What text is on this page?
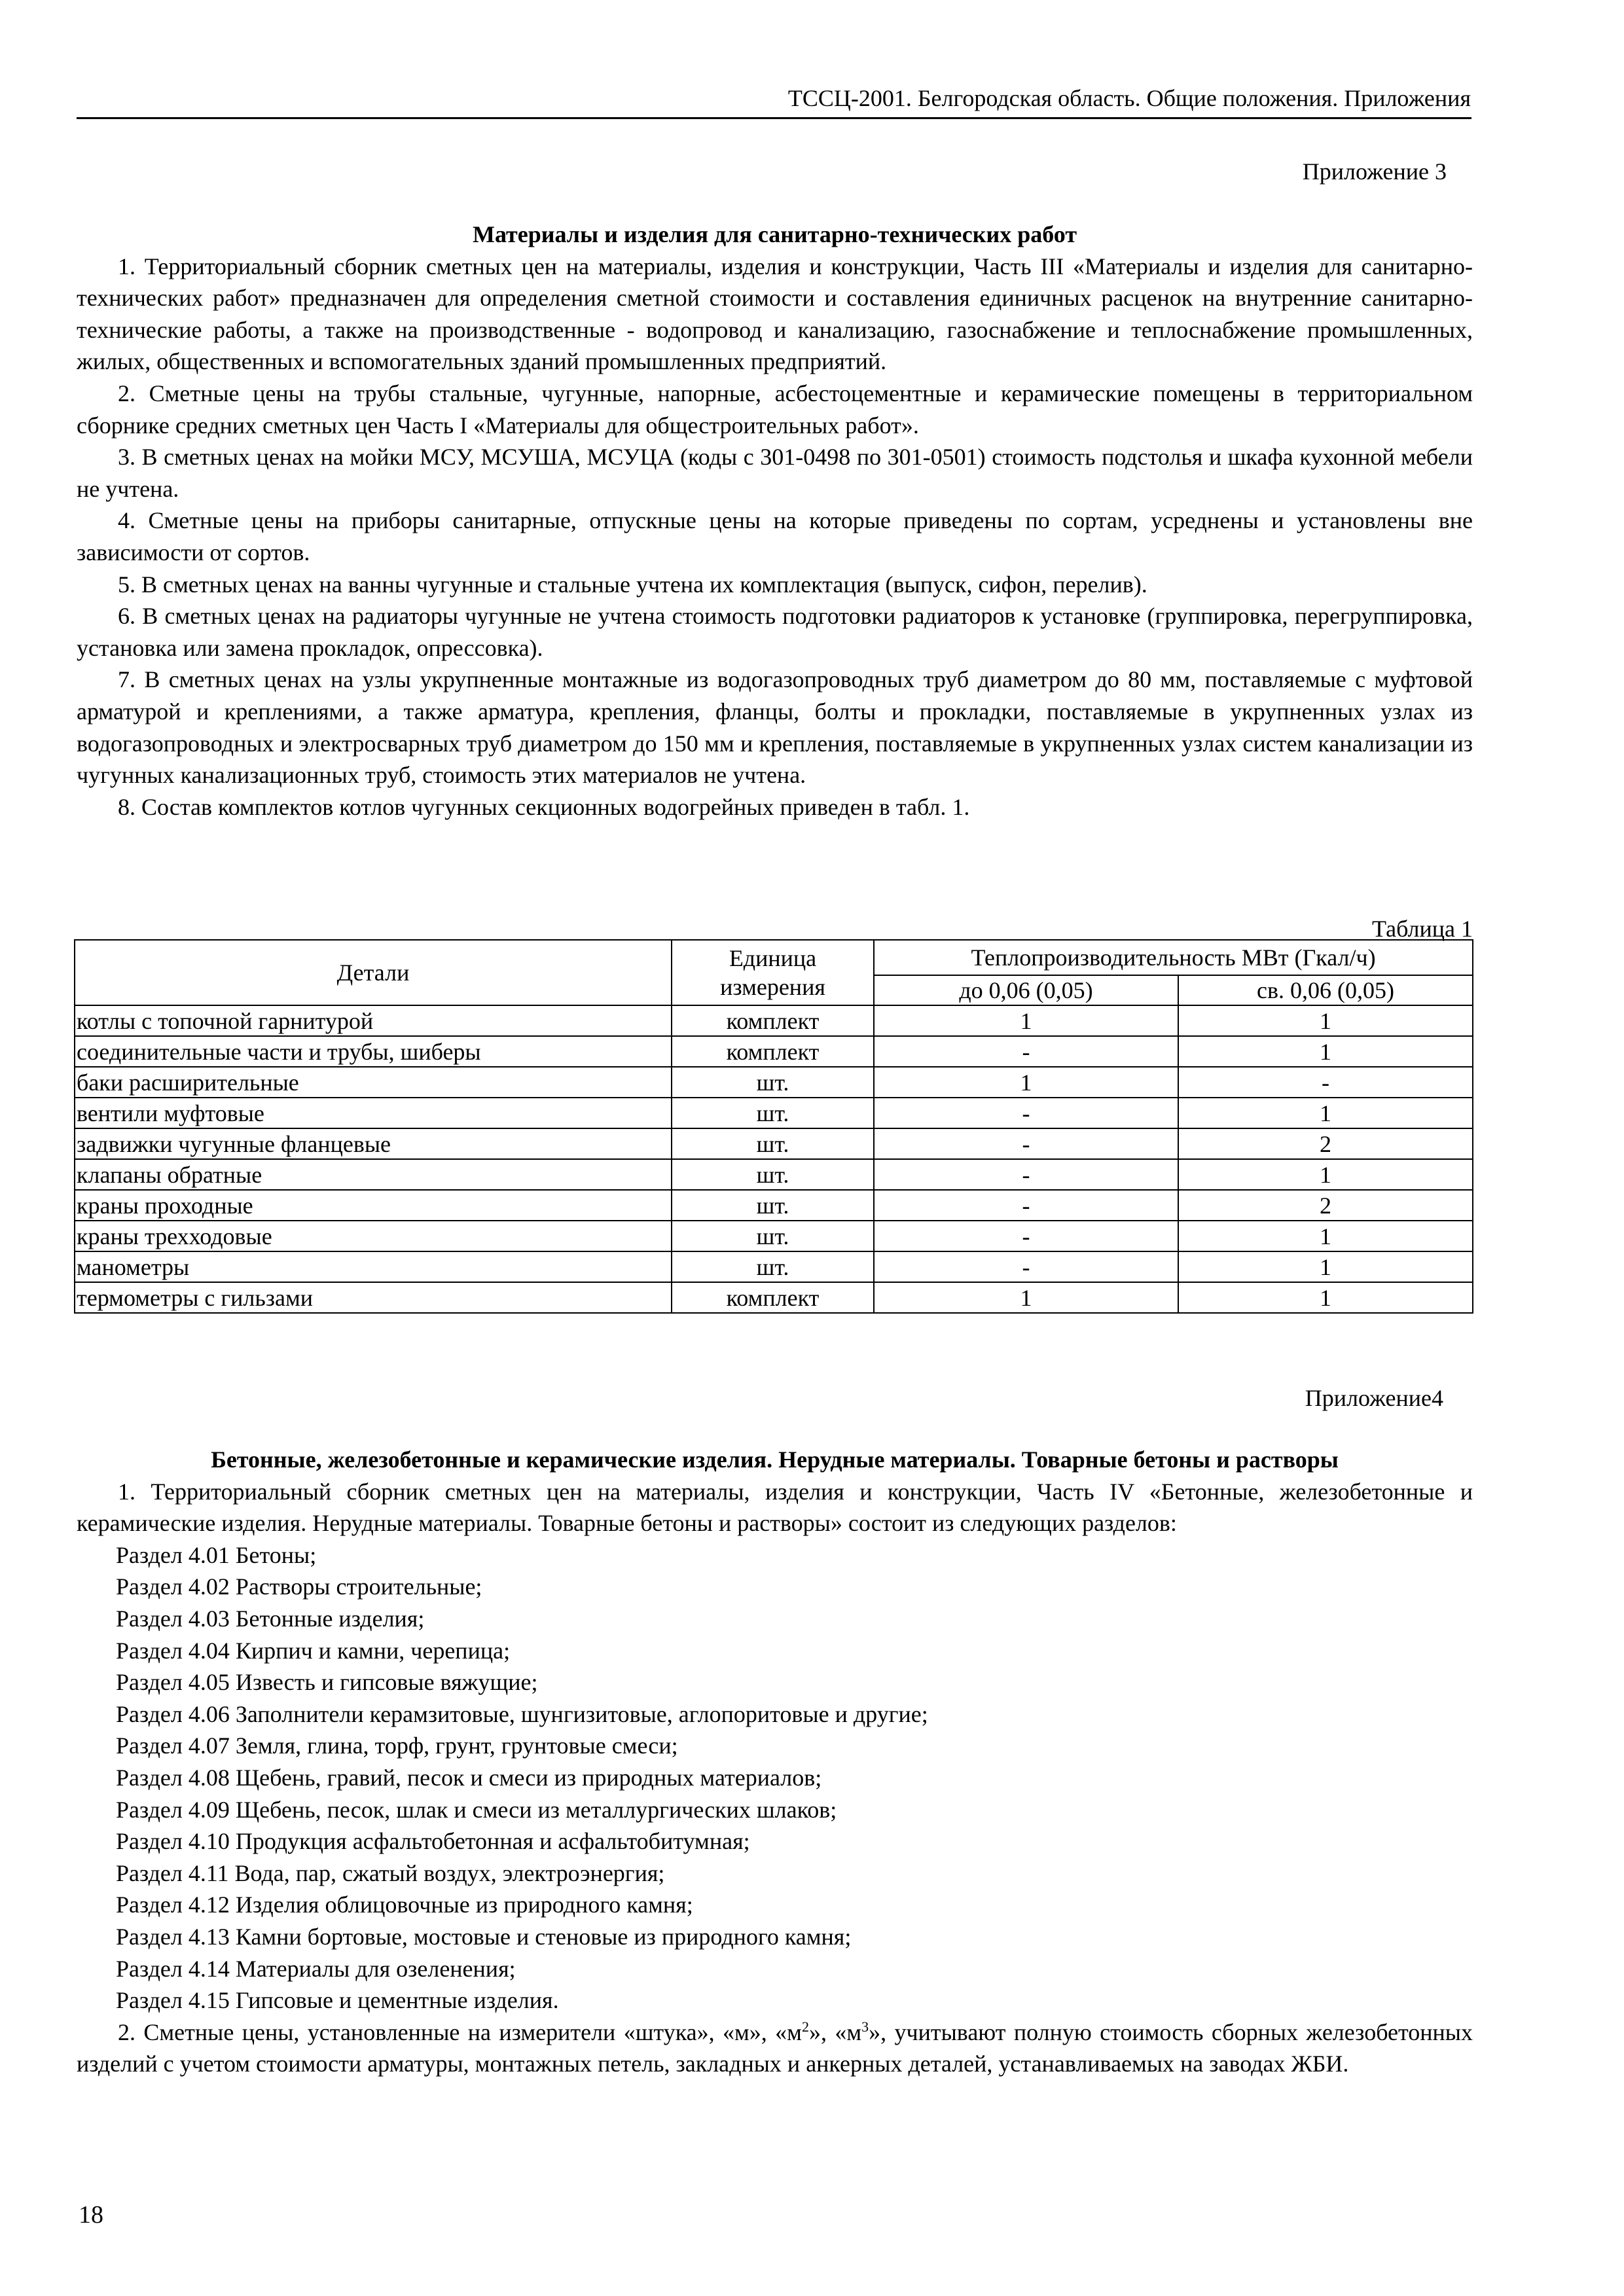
ТССЦ-2001. Белгородская область. Общие положения. Приложения
Приложение 3
Материалы и изделия для санитарно-технических работ

1. Территориальный сборник сметных цен на материалы, изделия и конструкции, Часть III «Материалы и изделия для санитарно-технических работ» предназначен для определения сметной стоимости и составления единичных расценок на внутренние санитарно-технические работы, а также на производственные - водопровод и канализацию, газоснабжение и теплоснабжение промышленных, жилых, общественных и вспомогательных зданий промышленных предприятий.

2. Сметные цены на трубы стальные, чугунные, напорные, асбестоцементные и керамические помещены в территориальном сборнике средних сметных цен Часть I «Материалы для общестроительных работ».

3. В сметных ценах на мойки МСУ, МСУША, МСУЦА (коды с 301-0498 по 301-0501) стоимость подстолья и шкафа кухонной мебели не учтена.

4. Сметные цены на приборы санитарные, отпускные цены на которые приведены по сортам, усреднены и установлены вне зависимости от сортов.

5. В сметных ценах на ванны чугунные и стальные учтена их комплектация (выпуск, сифон, перелив).

6. В сметных ценах на радиаторы чугунные не учтена стоимость подготовки радиаторов к установке (группировка, перегруппировка, установка или замена прокладок, опрессовка).

7. В сметных ценах на узлы укрупненные монтажные из водогазопроводных труб диаметром до 80 мм, поставляемые с муфтовой арматурой и креплениями, а также арматура, крепления, фланцы, болты и прокладки, поставляемые в укрупненных узлах из водогазопроводных и электросварных труб диаметром до 150 мм и крепления, поставляемые в укрупненных узлах систем канализации из чугунных канализационных труб, стоимость этих материалов не учтена.

8. Состав комплектов котлов чугунных секционных водогрейных приведен в табл. 1.

Таблица 1
Детали	Единица измерения	Теплопроизводительность МВт (Гкал/ч)	
		до 0,06 (0,05)	св. 0,06 (0,05)
котлы с топочной гарнитурой	комплект	1	1
соединительные части и трубы, шиберы	комплект	-	1
баки расширительные	шт.	1	-
вентили муфтовые	шт.	-	1
задвижки чугунные фланцевые	шт.	-	2
клапаны обратные	шт.	-	1
краны проходные	шт.	-	2
краны трехходовые	шт.	-	1
манометры	шт.	-	1
термометры с гильзами	комплект	1	1
Приложение4
Бетонные, железобетонные и керамические изделия. Нерудные материалы. Товарные бетоны и растворы

1. Территориальный сборник сметных цен на материалы, изделия и конструкции, Часть IV «Бетонные, железобетонные и керамические изделия. Нерудные материалы. Товарные бетоны и растворы» состоит из следующих разделов:

Раздел 4.01 Бетоны;

Раздел 4.02 Растворы строительные;

Раздел 4.03 Бетонные изделия;

Раздел 4.04 Кирпич и камни, черепица;

Раздел 4.05 Известь и гипсовые вяжущие;

Раздел 4.06 Заполнители керамзитовые, шунгизитовые, аглопоритовые и другие;

Раздел 4.07 Земля, глина, торф, грунт, грунтовые смеси;

Раздел 4.08 Щебень, гравий, песок и смеси из природных материалов;

Раздел 4.09 Щебень, песок, шлак и смеси из металлургических шлаков;

Раздел 4.10 Продукция асфальтобетонная и асфальтобитумная;

Раздел 4.11 Вода, пар, сжатый воздух, электроэнергия;

Раздел 4.12 Изделия облицовочные из природного камня;

Раздел 4.13 Камни бортовые, мостовые и стеновые из природного камня;

Раздел 4.14 Материалы для озеленения;

Раздел 4.15 Гипсовые и цементные изделия.

2. Сметные цены, установленные на измерители «штука», «м», «$м^2$», «$м^3$», учитывают полную стоимость сборных железобетонных изделий с учетом стоимости арматуры, монтажных петель, закладных и анкерных деталей, устанавливаемых на заводах ЖБИ.

18
